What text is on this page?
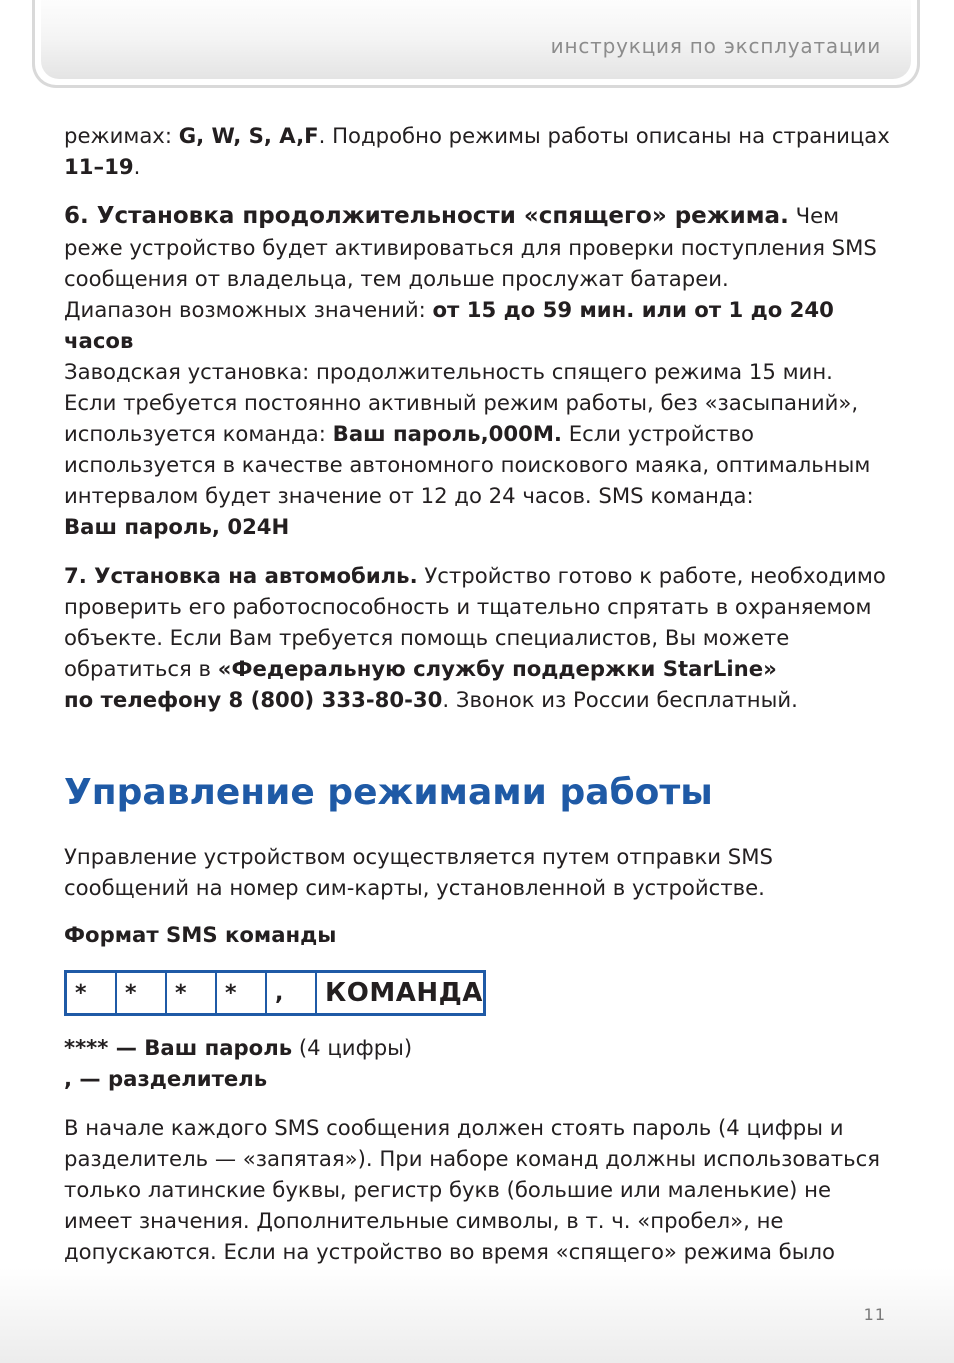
инструкция по эксплуатации

режимах: G, W, S, A,F. Подробно режимы работы описаны на страницах 11–19.

6. Установка продолжительности «спящего» режима. Чем реже устройство будет активироваться для проверки поступления SMS сообщения от владельца, тем дольше прослужат батареи.

Диапазон возможных значений: от 15 до 59 мин. или от 1 до 240 часов

Заводская установка: продолжительность спящего режима 15 мин.

Если требуется постоянно активный режим работы, без «засыпаний», используется команда: Ваш пароль,000M. Если устройство используется в качестве автономного поискового маяка, оптимальным интервалом будет значение от 12 до 24 часов. SMS команда:

Ваш пароль, 024H

7. Установка на автомобиль. Устройство готово к работе, необходимо проверить его работоспособность и тщательно спрятать в охраняемом объекте. Если Вам требуется помощь специалистов, Вы можете обратиться в «Федеральную службу поддержки StarLine»
по телефону 8 (800) 333-80-30. Звонок из России бесплатный.

Управление режимами работы

Управление устройством осуществляется путем отправки SMS сообщений на номер сим-карты, установленной в устройстве.

Формат SMS команды

*	*	*	*	,	КОМАНДА

**** — Ваш пароль (4 цифры)

, — разделитель

В начале каждого SMS сообщения должен стоять пароль (4 цифры и разделитель — «запятая»). При наборе команд должны использоваться только латинские буквы, регистр букв (большие или маленькие) не имеет значения. Дополнительные символы, в т. ч. «пробел», не допускаются. Если на устройство во время «спящего» режима было

11
